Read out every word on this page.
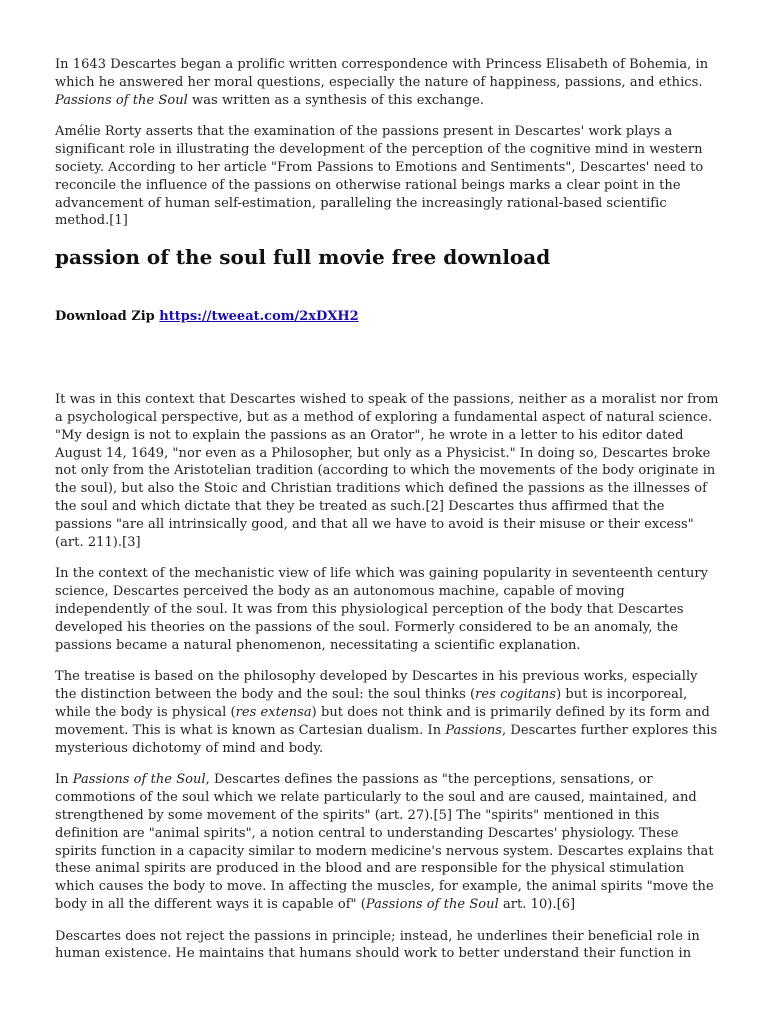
In 1643 Descartes began a prolific written correspondence with Princess Elisabeth of Bohemia, in which he answered her moral questions, especially the nature of happiness, passions, and ethics. Passions of the Soul was written as a synthesis of this exchange.

Amélie Rorty asserts that the examination of the passions present in Descartes' work plays a significant role in illustrating the development of the perception of the cognitive mind in western society. According to her article "From Passions to Emotions and Sentiments", Descartes' need to reconcile the influence of the passions on otherwise rational beings marks a clear point in the advancement of human self-estimation, paralleling the increasingly rational-based scientific method.[1]

passion of the soul full movie free download
Download Zip https://tweeat.com/2xDXH2

It was in this context that Descartes wished to speak of the passions, neither as a moralist nor from a psychological perspective, but as a method of exploring a fundamental aspect of natural science. "My design is not to explain the passions as an Orator", he wrote in a letter to his editor dated August 14, 1649, "nor even as a Philosopher, but only as a Physicist." In doing so, Descartes broke not only from the Aristotelian tradition (according to which the movements of the body originate in the soul), but also the Stoic and Christian traditions which defined the passions as the illnesses of the soul and which dictate that they be treated as such.[2] Descartes thus affirmed that the passions "are all intrinsically good, and that all we have to avoid is their misuse or their excess" (art. 211).[3]

In the context of the mechanistic view of life which was gaining popularity in seventeenth century science, Descartes perceived the body as an autonomous machine, capable of moving independently of the soul. It was from this physiological perception of the body that Descartes developed his theories on the passions of the soul. Formerly considered to be an anomaly, the passions became a natural phenomenon, necessitating a scientific explanation.

The treatise is based on the philosophy developed by Descartes in his previous works, especially the distinction between the body and the soul: the soul thinks (res cogitans) but is incorporeal, while the body is physical (res extensa) but does not think and is primarily defined by its form and movement. This is what is known as Cartesian dualism. In Passions, Descartes further explores this mysterious dichotomy of mind and body.

In Passions of the Soul, Descartes defines the passions as "the perceptions, sensations, or commotions of the soul which we relate particularly to the soul and are caused, maintained, and strengthened by some movement of the spirits" (art. 27).[5] The "spirits" mentioned in this definition are "animal spirits", a notion central to understanding Descartes' physiology. These spirits function in a capacity similar to modern medicine's nervous system. Descartes explains that these animal spirits are produced in the blood and are responsible for the physical stimulation which causes the body to move. In affecting the muscles, for example, the animal spirits "move the body in all the different ways it is capable of" (Passions of the Soul art. 10).[6]

Descartes does not reject the passions in principle; instead, he underlines their beneficial role in human existence. He maintains that humans should work to better understand their function in
